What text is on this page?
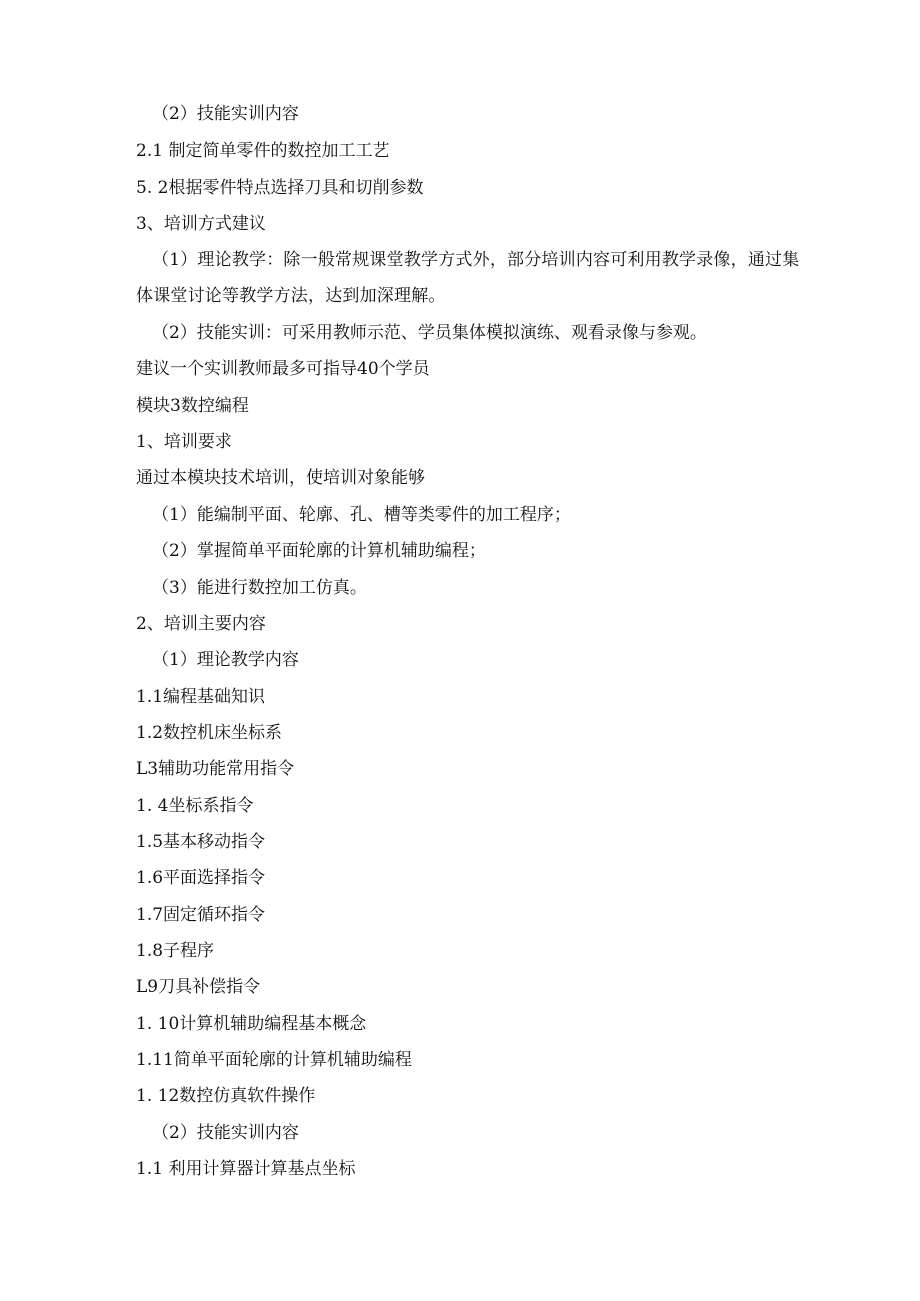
（2）技能实训内容
2.1 制定简单零件的数控加工工艺
5. 2根据零件特点选择刀具和切削参数
3、培训方式建议
（1）理论教学：除一般常规课堂教学方式外，部分培训内容可利用教学录像，通过集体课堂讨论等教学方法，达到加深理解。
（2）技能实训：可采用教师示范、学员集体模拟演练、观看录像与参观。
建议一个实训教师最多可指导40个学员
模块3数控编程
1、培训要求
通过本模块技术培训，使培训对象能够
（1）能编制平面、轮廓、孔、槽等类零件的加工程序；
（2）掌握简单平面轮廓的计算机辅助编程；
（3）能进行数控加工仿真。
2、培训主要内容
（1）理论教学内容
1.1编程基础知识
1.2数控机床坐标系
L3辅助功能常用指令
1. 4坐标系指令
1.5基本移动指令
1.6平面选择指令
1.7固定循环指令
1.8子程序
L9刀具补偿指令
1. 10计算机辅助编程基本概念
1.11简单平面轮廓的计算机辅助编程
1. 12数控仿真软件操作
（2）技能实训内容
1.1 利用计算器计算基点坐标
